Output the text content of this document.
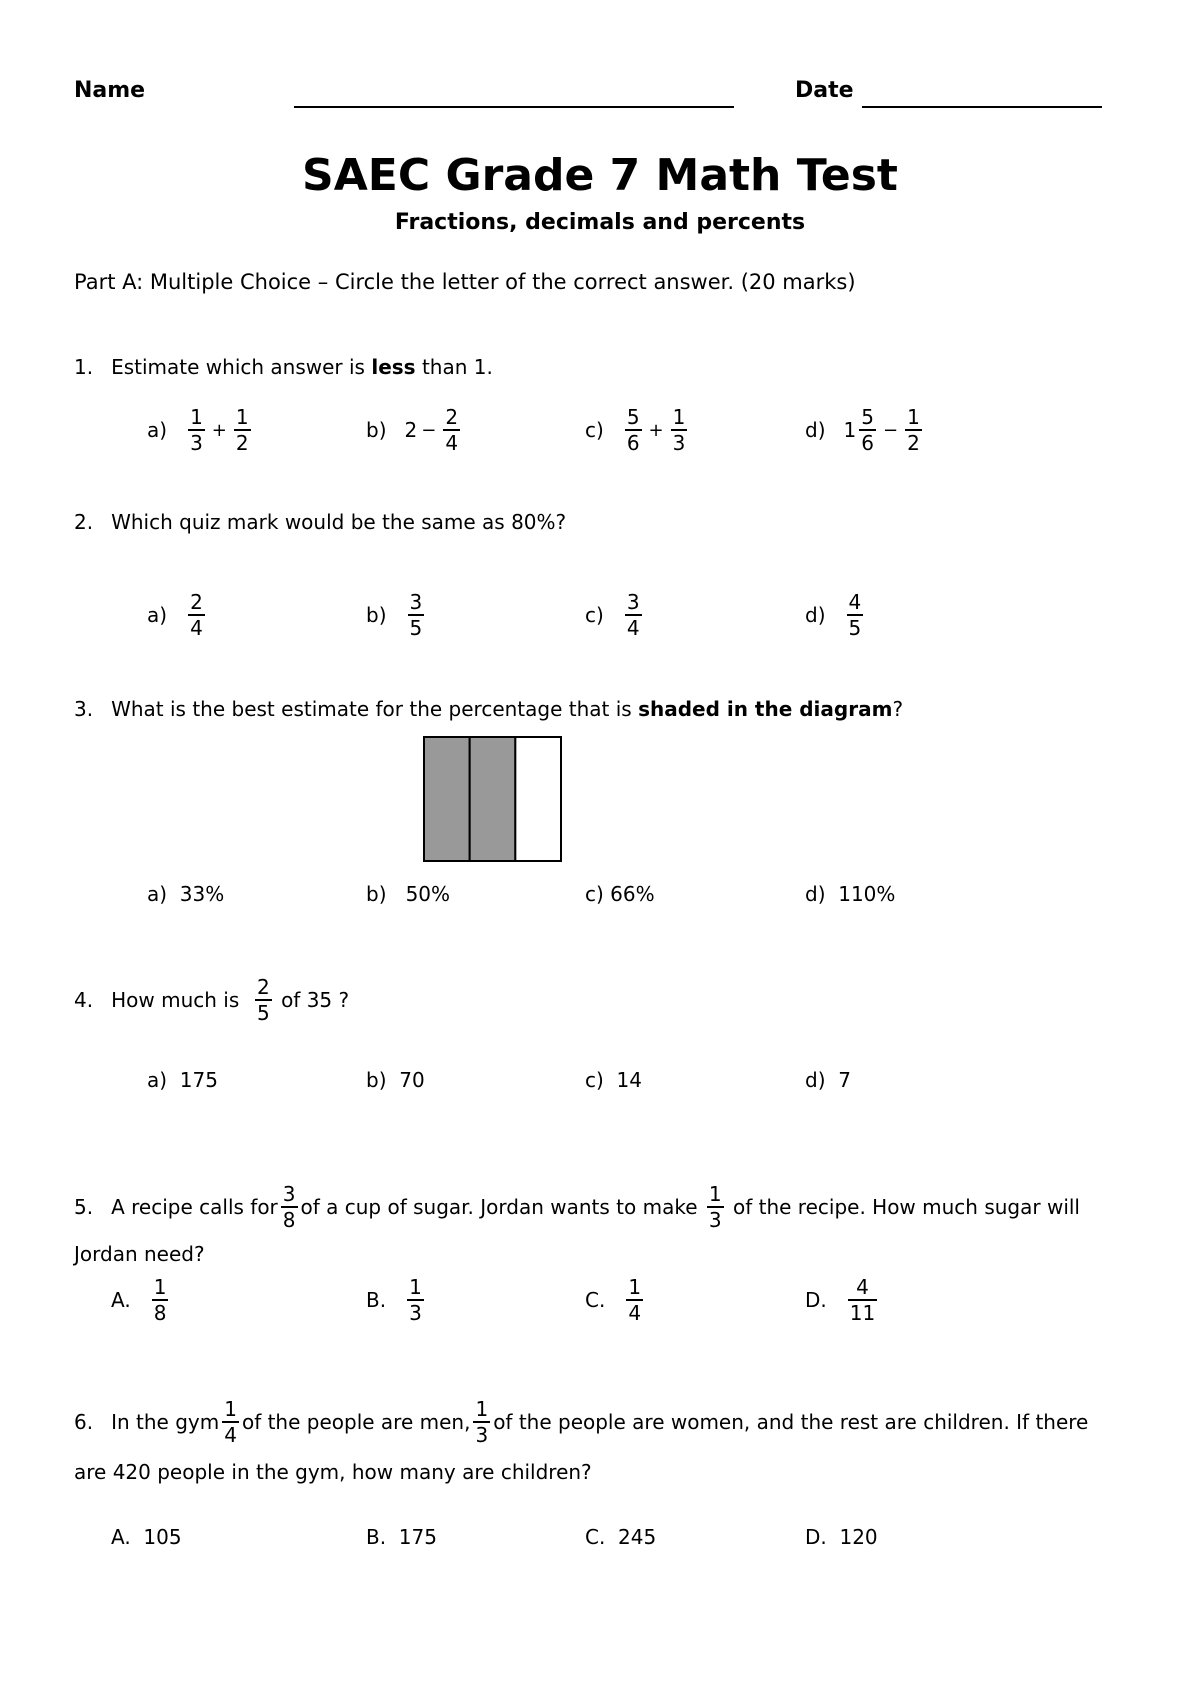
Name	Date
SAEC Grade 7 Math Test
Fractions, decimals and percents
Part A: Multiple Choice – Circle the letter of the correct answer. (20 marks)
1. Estimate which answer is
less
than 1.
$a) \frac{1}{3} + \frac{1}{2}$	b) $2 - \frac{2}{4}$	$c) \frac{5}{6} + \frac{1}{3}$	d) $1 \frac{5}{6} - \frac{1}{2}$
2. Which quiz mark would be the same as 80%?
$a) \frac{2}{4}$	$b) \frac{3}{5}$	$c) \frac{3}{4}$	$d) \frac{4}{5}$
3. What is the best estimate for the percentage that is
shaded in the diagram ?
a)
33%	b)
50%	c)
66%	d)
110%
4. How much is
$\frac{2}{5}$
of 35 ?
a)
175	b)
70	c)
14	d)
7
5. A recipe calls for $\frac{3}{8}$ of a cup of sugar. Jordan wants to make
$\frac{1}{3}$
of the recipe. How much sugar will
Jordan need?
A. $\frac{1}{8}$	B. $\frac{1}{3}$	C. $\frac{1}{4}$	D. $\frac{4}{11}$
6. In the gym $\frac{1}{4}$ of the people are men, $\frac{1}{3}$ of the people are women, and the rest are children. If there
are 420 people in the gym, how many are children?
A.
105	B.
175	C.
245	D.
120
